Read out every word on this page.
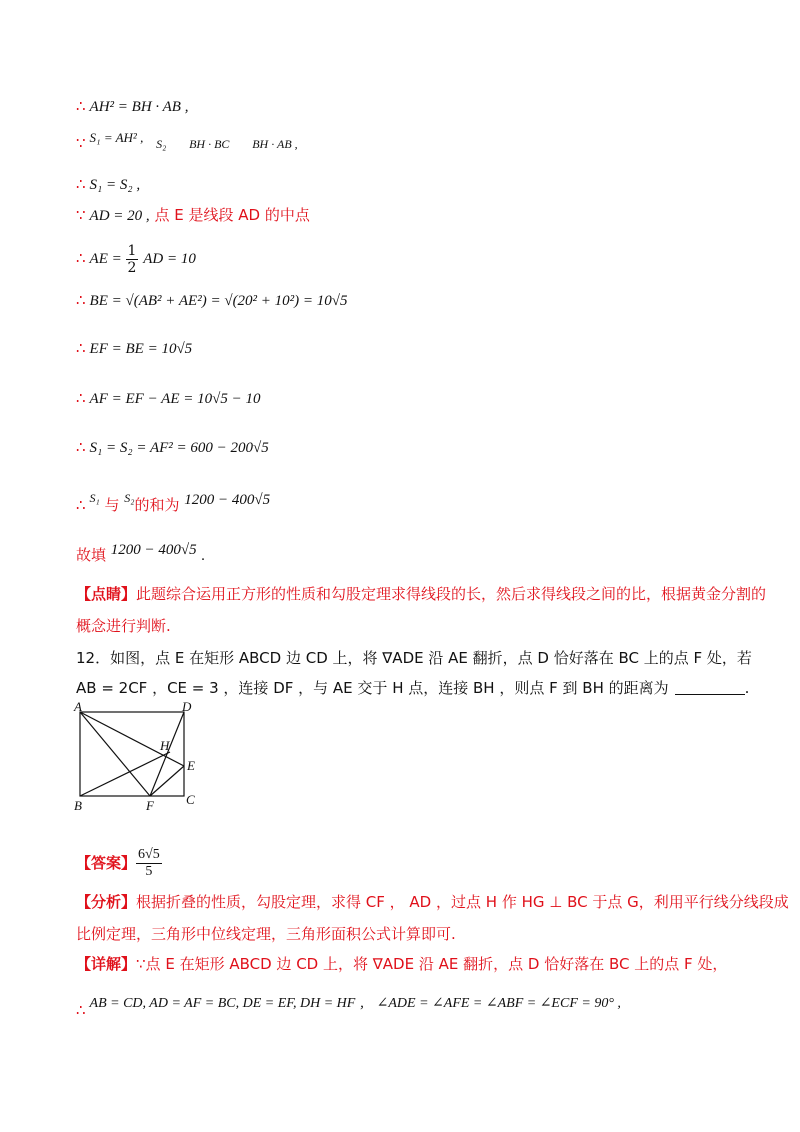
∴ AH² = BH · AB ,
∵ S₁ = AH² , S₂ BH · BC BH · AB ,
∴ S₁ = S₂ ,
∵ AD = 20 , 点 E 是线段 AD 的中点
∴ AE = $\frac{1}{2}$ AD = 10
∴ BE = √(AB² + AE²) = √(20² + 10²) = 10√5
∴ EF = BE = 10√5
∴ AF = EF − AE = 10√5 − 10
∴ S₁ = S₂ = AF² = 600 − 200√5
∴ $^{S_1}$ 与 $^{S_2}$的和为 1200 − 400√5
故填 1200 − 400√5 .
【点睛】此题综合运用正方形的性质和勾股定理求得线段的长，然后求得线段之间的比，根据黄金分割的
概念进行判断.
12．如图，点 E 在矩形 ABCD 边 CD 上，将 ∇ADE 沿 AE 翻折，点 D 恰好落在 BC 上的点 F 处，若
AB = 2CF ，CE = 3 ，连接 DF ，与 AE 交于 H 点，连接 BH ，则点 F 到 BH 的距离为	.
A	D
H
E
B	F C
【答案】 $\frac{6√5}{5}$
【分析】根据折叠的性质，勾股定理，求得 CF ， AD ，过点 H 作 HG ⊥ BC 于点 G，利用平行线分线段成
比例定理，三角形中位线定理，三角形面积公式计算即可.
【详解】∵点 E 在矩形 ABCD 边 CD 上，将 ∇ADE 沿 AE 翻折，点 D 恰好落在 BC 上的点 F 处，
∴ AB = CD, AD = AF = BC, DE = EF, DH = HF , ∠ADE = ∠AFE = ∠ABF = ∠ECF = 90° ,
